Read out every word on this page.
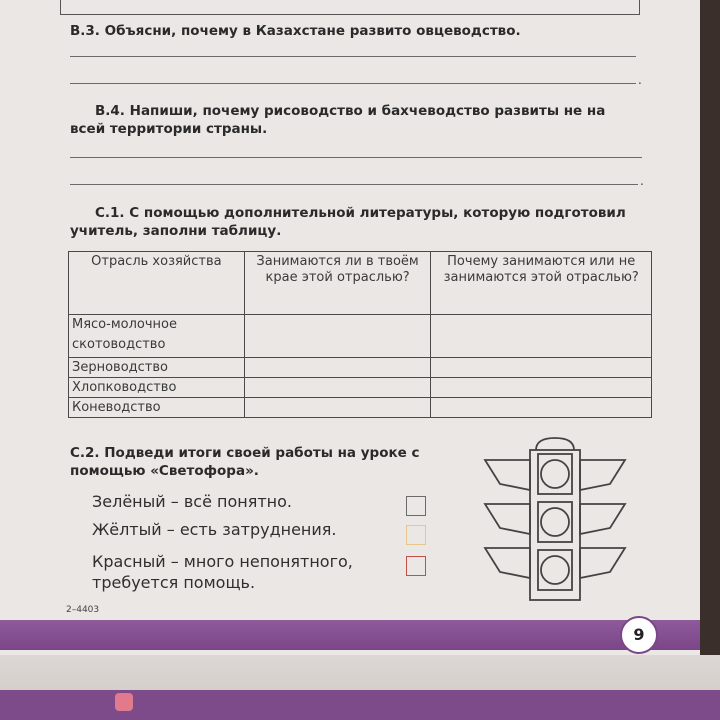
В.3. Объясни, почему в Казахстане развито овцеводство.
.
В.4. Напиши, почему рисоводство и бахчеводство развиты не на всей территории страны.
.
С.1. С помощью дополнительной литературы, которую подготовил учитель, заполни таблицу.
Отрасль хозяйства	Занимаются ли в твоём крае этой отраслью?	Почему занимаются или не занимаются этой отраслью?
Мясо-молочное скотоводство		
Зерноводство		
Хлопководство		
Коневодство		
С.2. Подведи итоги своей работы на уроке с помощью «Светофора».
Зелёный – всё понятно.
Жёлтый – есть затруднения.
Красный – много непонятного, требуется помощь.
2–4403
9
